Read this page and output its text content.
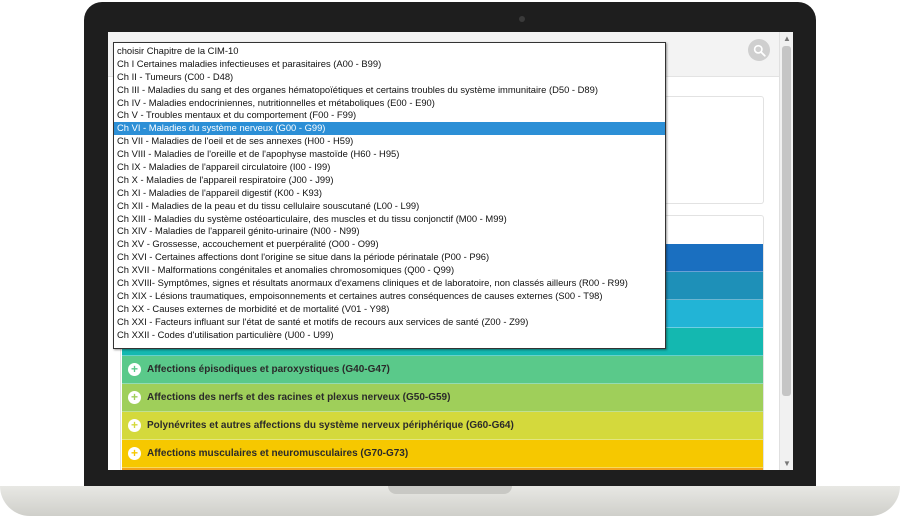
+ Affections épisodiques et paroxystiques (G40-G47)
+ Affections des nerfs et des racines et plexus nerveux (G50-G59)
+ Polynévrites et autres affections du système nerveux périphérique (G60-G64)
+ Affections musculaires et neuromusculaires (G70-G73)
▲
▼
choisir Chapitre de la CIM-10
Ch I Certaines maladies infectieuses et parasitaires (A00 - B99)
Ch II - Tumeurs (C00 - D48)
Ch III - Maladies du sang et des organes hématopoïétiques et certains troubles du système immunitaire (D50 - D89)
Ch IV - Maladies endocriniennes, nutritionnelles et métaboliques (E00 - E90)
Ch V - Troubles mentaux et du comportement (F00 - F99)
Ch VI - Maladies du système nerveux (G00 - G99)
Ch VII - Maladies de l'oeil et de ses annexes (H00 - H59)
Ch VIII - Maladies de l'oreille et de l'apophyse mastoïde (H60 - H95)
Ch IX - Maladies de l'appareil circulatoire (I00 - I99)
Ch X - Maladies de l'appareil respiratoire (J00 - J99)
Ch XI - Maladies de l'appareil digestif (K00 - K93)
Ch XII - Maladies de la peau et du tissu cellulaire souscutané (L00 - L99)
Ch XIII - Maladies du système ostéoarticulaire, des muscles et du tissu conjonctif (M00 - M99)
Ch XIV - Maladies de l'appareil génito-urinaire (N00 - N99)
Ch XV - Grossesse, accouchement et puerpéralité (O00 - O99)
Ch XVI - Certaines affections dont l'origine se situe dans la période périnatale (P00 - P96)
Ch XVII - Malformations congénitales et anomalies chromosomiques (Q00 - Q99)
Ch XVIII- Symptômes, signes et résultats anormaux d'examens cliniques et de laboratoire, non classés ailleurs (R00 - R99)
Ch XIX - Lésions traumatiques, empoisonnements et certaines autres conséquences de causes externes (S00 - T98)
Ch XX - Causes externes de morbidité et de mortalité (V01 - Y98)
Ch XXI - Facteurs influant sur l'état de santé et motifs de recours aux services de santé (Z00 - Z99)
Ch XXII - Codes d'utilisation particulière (U00 - U99)
